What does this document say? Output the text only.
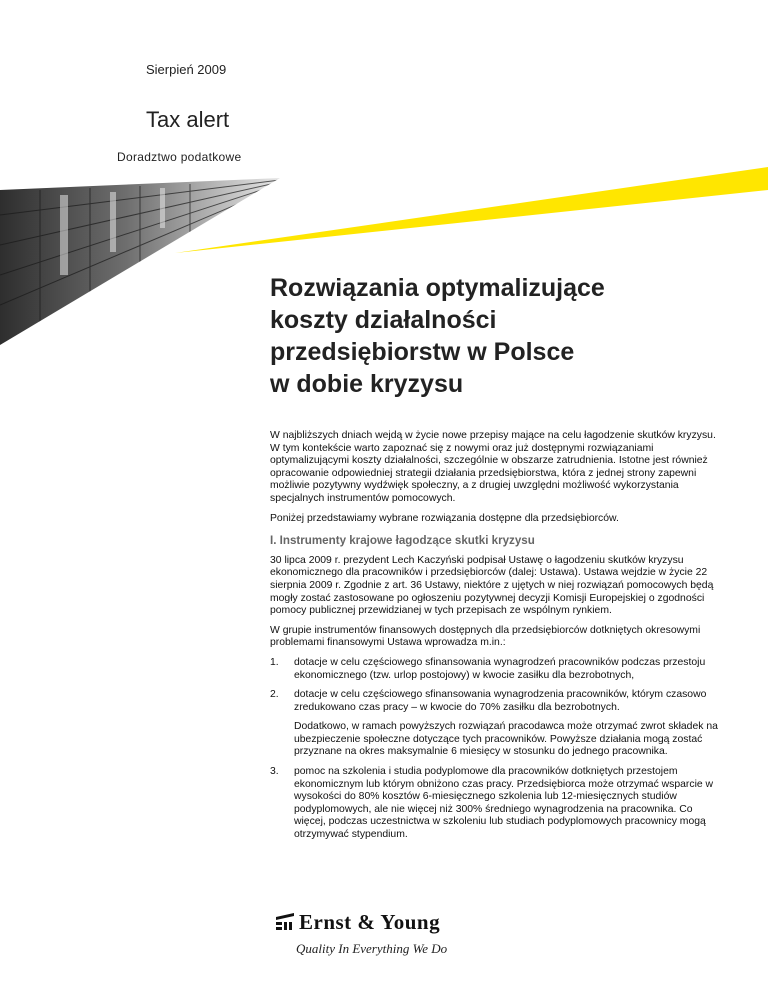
Sierpień 2009
Tax alert
Doradztwo podatkowe
Rozwiązania optymalizujące
koszty działalności
przedsiębiorstw w Polsce
w dobie kryzysu

W najbliższych dniach wejdą w życie nowe przepisy mające na celu łagodzenie skutków kryzysu. W tym kontekście warto zapoznać się z nowymi oraz już dostępnymi rozwiązaniami optymalizującymi koszty działalności, szczególnie w obszarze zatrudnienia. Istotne jest również opracowanie odpowiedniej strategii działania przedsiębiorstwa, która z jednej strony zapewni możliwie pozytywny wydźwięk społeczny, a z drugiej uwzględni możliwość wykorzystania specjalnych instrumentów pomocowych.

Poniżej przedstawiamy wybrane rozwiązania dostępne dla przedsiębiorców.

I. Instrumenty krajowe łagodzące skutki kryzysu

30 lipca 2009 r. prezydent Lech Kaczyński podpisał Ustawę o łagodzeniu skutków kryzysu ekonomicznego dla pracowników i przedsiębiorców (dalej: Ustawa). Ustawa wejdzie w życie 22 sierpnia 2009 r. Zgodnie z art. 36 Ustawy, niektóre z ujętych w niej rozwiązań pomocowych będą mogły zostać zastosowane po ogłoszeniu pozytywnej decyzji Komisji Europejskiej o zgodności pomocy publicznej przewidzianej w tych przepisach ze wspólnym rynkiem.

W grupie instrumentów finansowych dostępnych dla przedsiębiorców dotkniętych okresowymi problemami finansowymi Ustawa wprowadza m.in.:

1.	dotacje w celu częściowego sfinansowania wynagrodzeń pracowników podczas przestoju ekonomicznego (tzw. urlop postojowy) w kwocie zasiłku dla bezrobotnych,
2.	dotacje w celu częściowego sfinansowania wynagrodzenia pracowników, którym czasowo zredukowano czas pracy – w kwocie do 70% zasiłku dla bezrobotnych.

Dodatkowo, w ramach powyższych rozwiązań pracodawca może otrzymać zwrot składek na ubezpieczenie społeczne dotyczące tych pracowników. Powyższe działania mogą zostać przyznane na okres maksymalnie 6 miesięcy w stosunku do jednego pracownika.

3.	pomoc na szkolenia i studia podyplomowe dla pracowników dotkniętych przestojem ekonomicznym lub którym obniżono czas pracy. Przedsiębiorca może otrzymać wsparcie w wysokości do 80% kosztów 6-miesięcznego szkolenia lub 12-miesięcznych studiów podyplomowych, ale nie więcej niż 300% średniego wynagrodzenia na pracownika. Co więcej, podczas uczestnictwa w szkoleniu lub studiach podyplomowych pracownicy mogą otrzymywać stypendium.
Ernst & Young
Quality In Everything We Do
